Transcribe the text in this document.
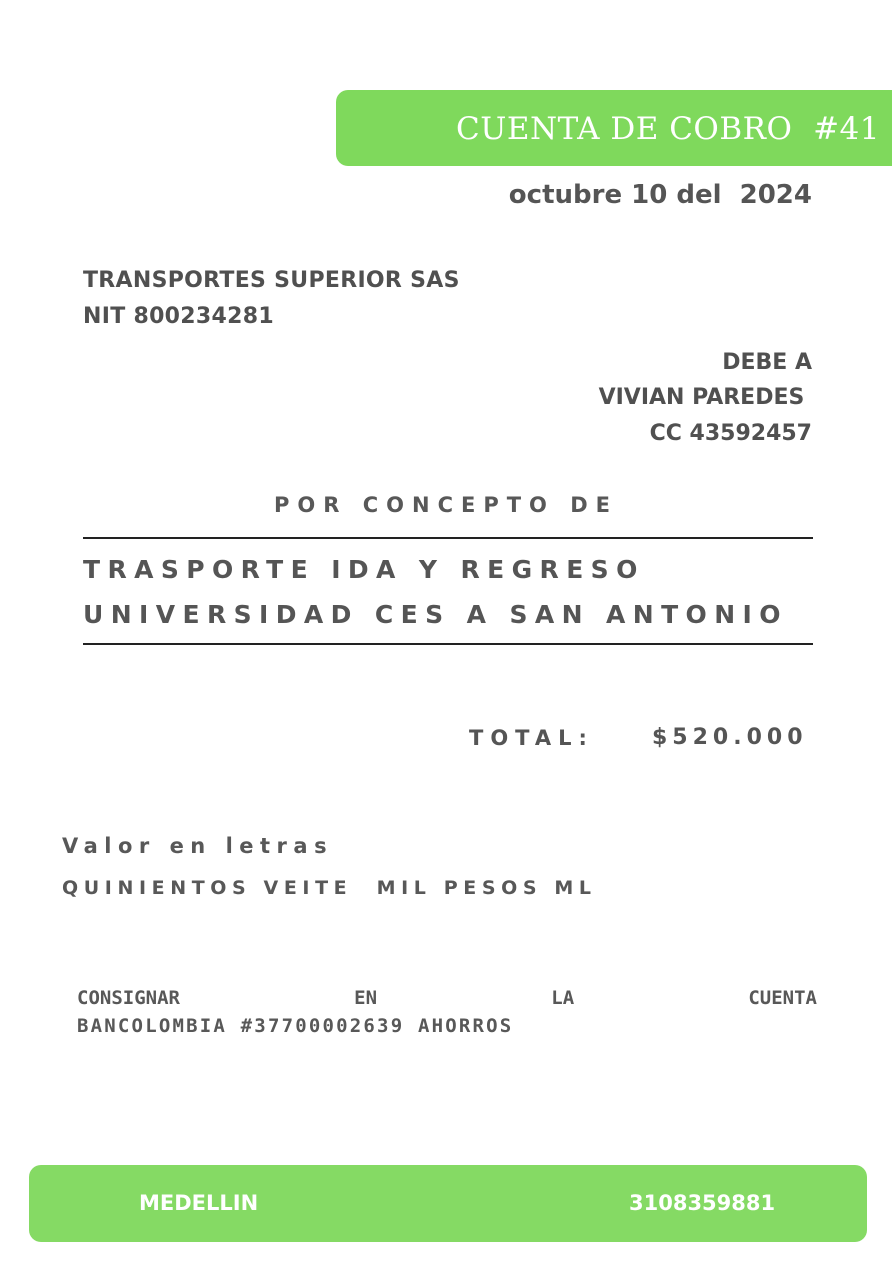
CUENTA DE COBRO  #41
octubre 10 del  2024
TRANSPORTES SUPERIOR SAS
NIT 800234281
DEBE A
VIVIAN PAREDES
CC 43592457
POR CONCEPTO DE
TRASPORTE IDA Y REGRESO
UNIVERSIDAD CES A SAN ANTONIO
TOTAL:	$520.000
Valor en letras
QUINIENTOS VEITE  MIL PESOS ML
CONSIGNAR	EN	LA	CUENTA
BANCOLOMBIA #37700002639 AHORROS
MEDELLIN	3108359881
